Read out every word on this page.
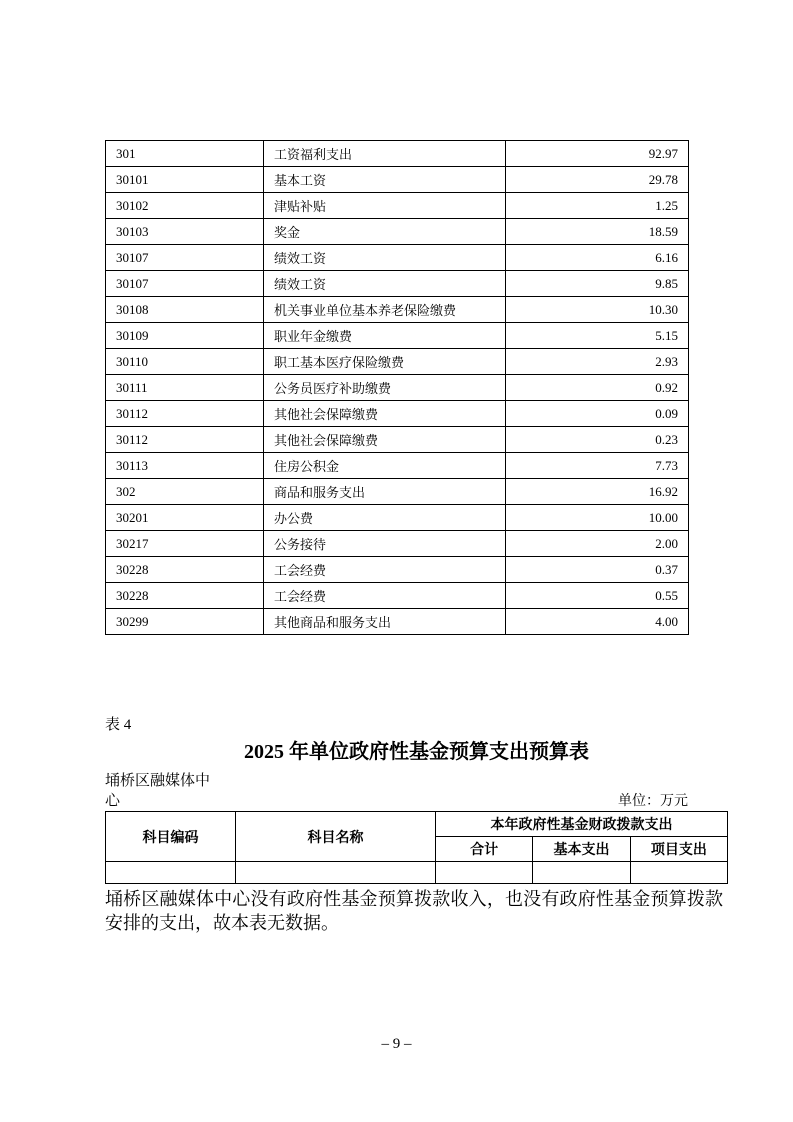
301	工资福利支出	92.97
30101	基本工资	29.78
30102	津贴补贴	1.25
30103	奖金	18.59
30107	绩效工资	6.16
30107	绩效工资	9.85
30108	机关事业单位基本养老保险缴费	10.30
30109	职业年金缴费	5.15
30110	职工基本医疗保险缴费	2.93
30111	公务员医疗补助缴费	0.92
30112	其他社会保障缴费	0.09
30112	其他社会保障缴费	0.23
30113	住房公积金	7.73
302	商品和服务支出	16.92
30201	办公费	10.00
30217	公务接待	2.00
30228	工会经费	0.37
30228	工会经费	0.55
30299	其他商品和服务支出	4.00
表 4
2025 年单位政府性基金预算支出预算表
埇桥区融媒体中心	单位：万元
科目编码	科目名称	本年政府性基金财政拨款支出		
		合计	基本支出	项目支出

埇桥区融媒体中心没有政府性基金预算拨款收入，也没有政府性基金预算拨款安排的支出，故本表无数据。

– 9 –
